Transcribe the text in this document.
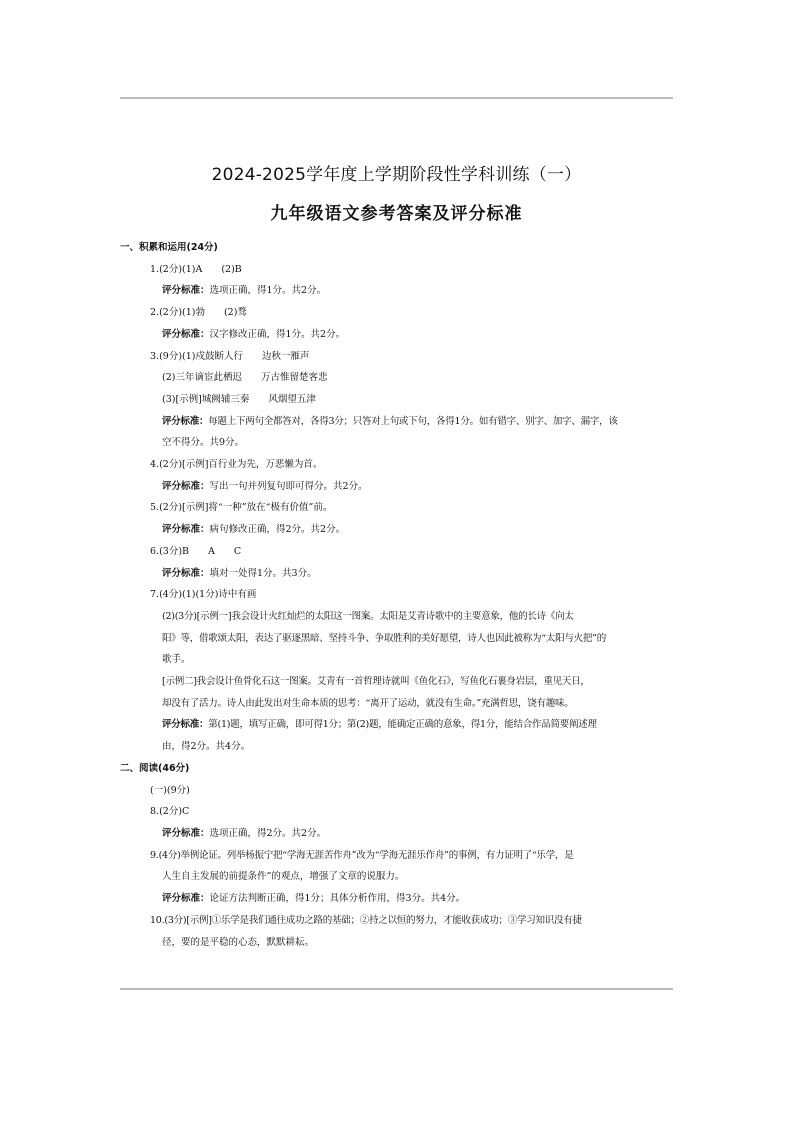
2024-2025学年度上学期阶段性学科训练（一）
九年级语文参考答案及评分标准
一、积累和运用(24分)
1.(2分)(1)A　　(2)B
评分标准：选项正确，得1分。共2分。
2.(2分)(1)勃　　(2)骛
评分标准：汉字修改正确，得1分。共2分。
3.(9分)(1)戍鼓断人行　　边秋一雁声
(2)三年谪宦此栖迟　　万古惟留楚客悲
(3)[示例]城阙辅三秦　　风烟望五津
评分标准：每题上下两句全都答对，各得3分；只答对上句或下句，各得1分。如有错字、别字、加字、漏字，该
空不得分。共9分。
4.(2分)[示例]百行业为先，万恶懒为首。
评分标准：写出一句并列复句即可得分。共2分。
5.(2分)[示例]将“一种”放在“极有价值”前。
评分标准：病句修改正确，得2分。共2分。
6.(3分)B　　A　　C
评分标准：填对一处得1分。共3分。
7.(4分)(1)(1分)诗中有画
(2)(3分)[示例一]我会设计火红灿烂的太阳这一图案。太阳是艾青诗歌中的主要意象，他的长诗《向太
阳》等，借歌颂太阳，表达了驱逐黑暗、坚持斗争、争取胜利的美好愿望，诗人也因此被称为“太阳与火把”的
歌手。
[示例二]我会设计鱼骨化石这一图案。艾青有一首哲理诗就叫《鱼化石》，写鱼化石裹身岩层，重见天日，
却没有了活力。诗人由此发出对生命本质的思考：“离开了运动，就没有生命。”充满哲思，饶有趣味。
评分标准：第(1)题，填写正确，即可得1分；第(2)题，能确定正确的意象，得1分，能结合作品简要阐述理
由，得2分。共4分。
二、阅读(46分)
(一)(9分)
8.(2分)C
评分标准：选项正确，得2分。共2分。
9.(4分)举例论证。列举杨振宁把“学海无涯苦作舟”改为“学海无涯乐作舟”的事例，有力证明了“乐学，是
人生自主发展的前提条件”的观点，增强了文章的说服力。
评分标准：论证方法判断正确，得1分；具体分析作用，得3分。共4分。
10.(3分)[示例]①乐学是我们通往成功之路的基础；②持之以恒的努力，才能收获成功；③学习知识没有捷
径，要的是平稳的心态，默默耕耘。
